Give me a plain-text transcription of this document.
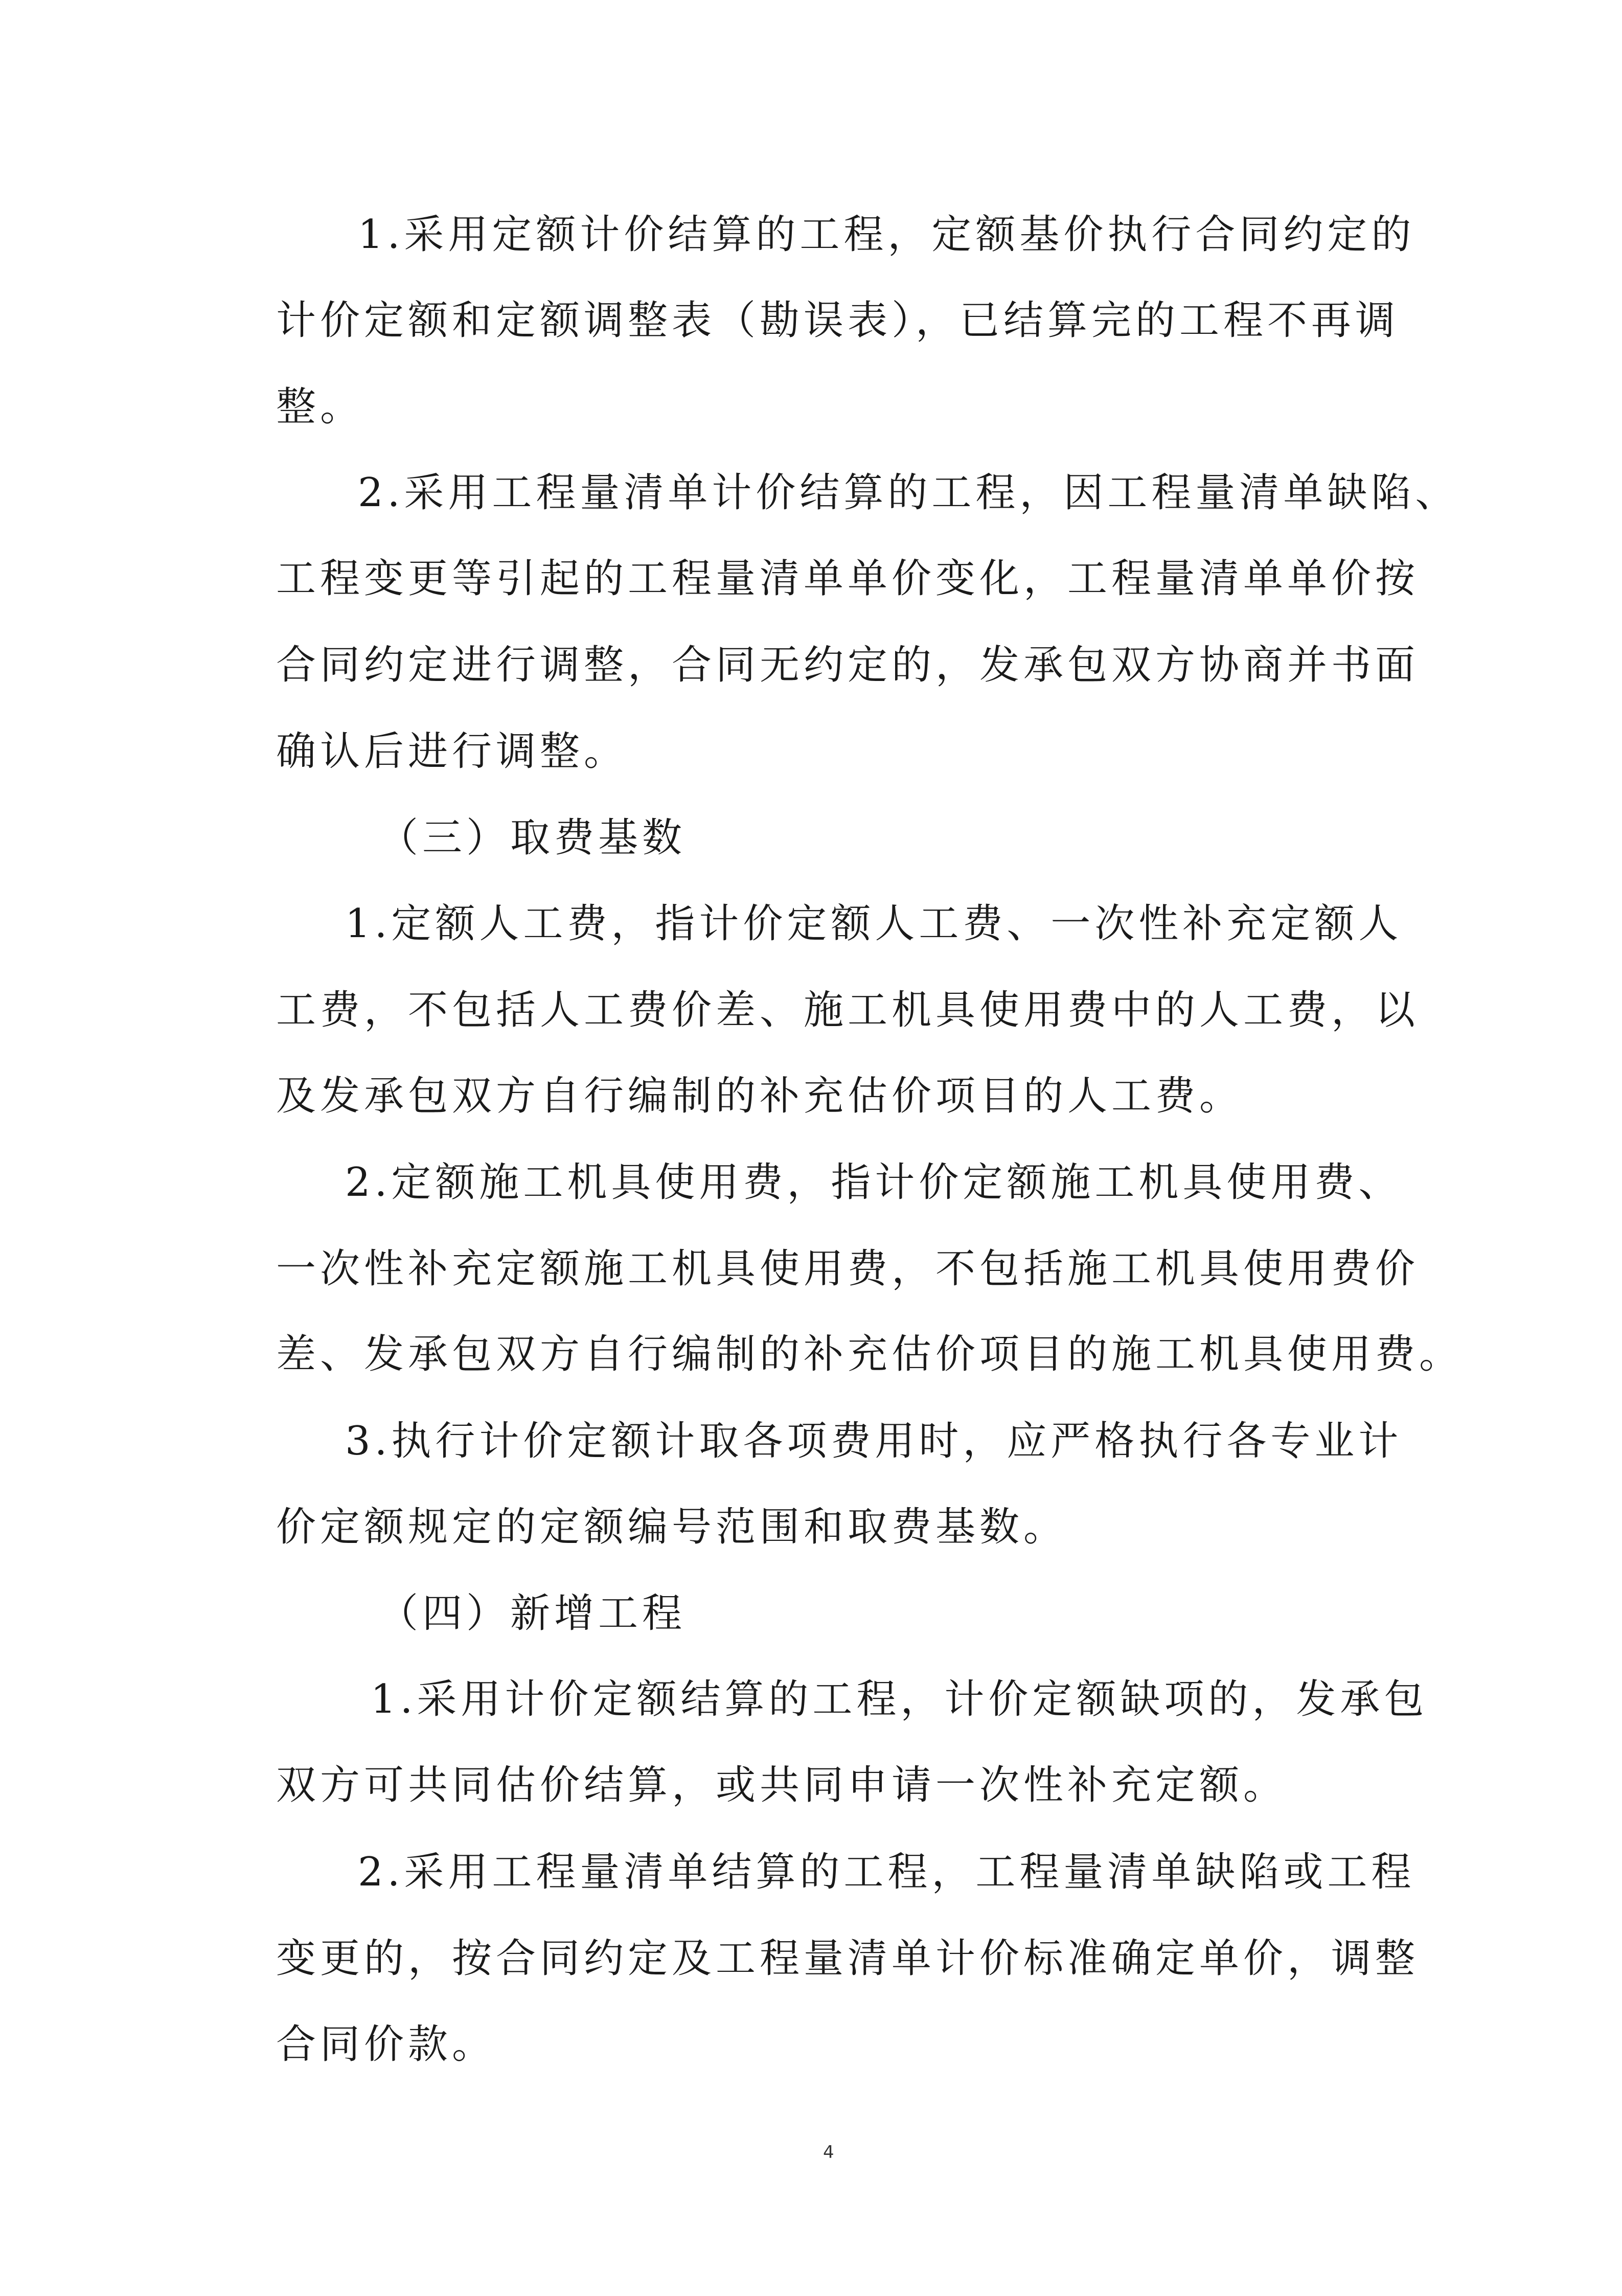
1.采用定额计价结算的工程，定额基价执行合同约定的
计价定额和定额调整表（勘误表），已结算完的工程不再调
整。
2.采用工程量清单计价结算的工程，因工程量清单缺陷、
工程变更等引起的工程量清单单价变化，工程量清单单价按
合同约定进行调整，合同无约定的，发承包双方协商并书面
确认后进行调整。
（三）取费基数
1.定额人工费，指计价定额人工费、一次性补充定额人
工费，不包括人工费价差、施工机具使用费中的人工费，以
及发承包双方自行编制的补充估价项目的人工费。
2.定额施工机具使用费，指计价定额施工机具使用费、
一次性补充定额施工机具使用费，不包括施工机具使用费价
差、发承包双方自行编制的补充估价项目的施工机具使用费。
3.执行计价定额计取各项费用时，应严格执行各专业计
价定额规定的定额编号范围和取费基数。
（四）新增工程
1.采用计价定额结算的工程，计价定额缺项的，发承包
双方可共同估价结算，或共同申请一次性补充定额。
2.采用工程量清单结算的工程，工程量清单缺陷或工程
变更的，按合同约定及工程量清单计价标准确定单价，调整
合同价款。
4
